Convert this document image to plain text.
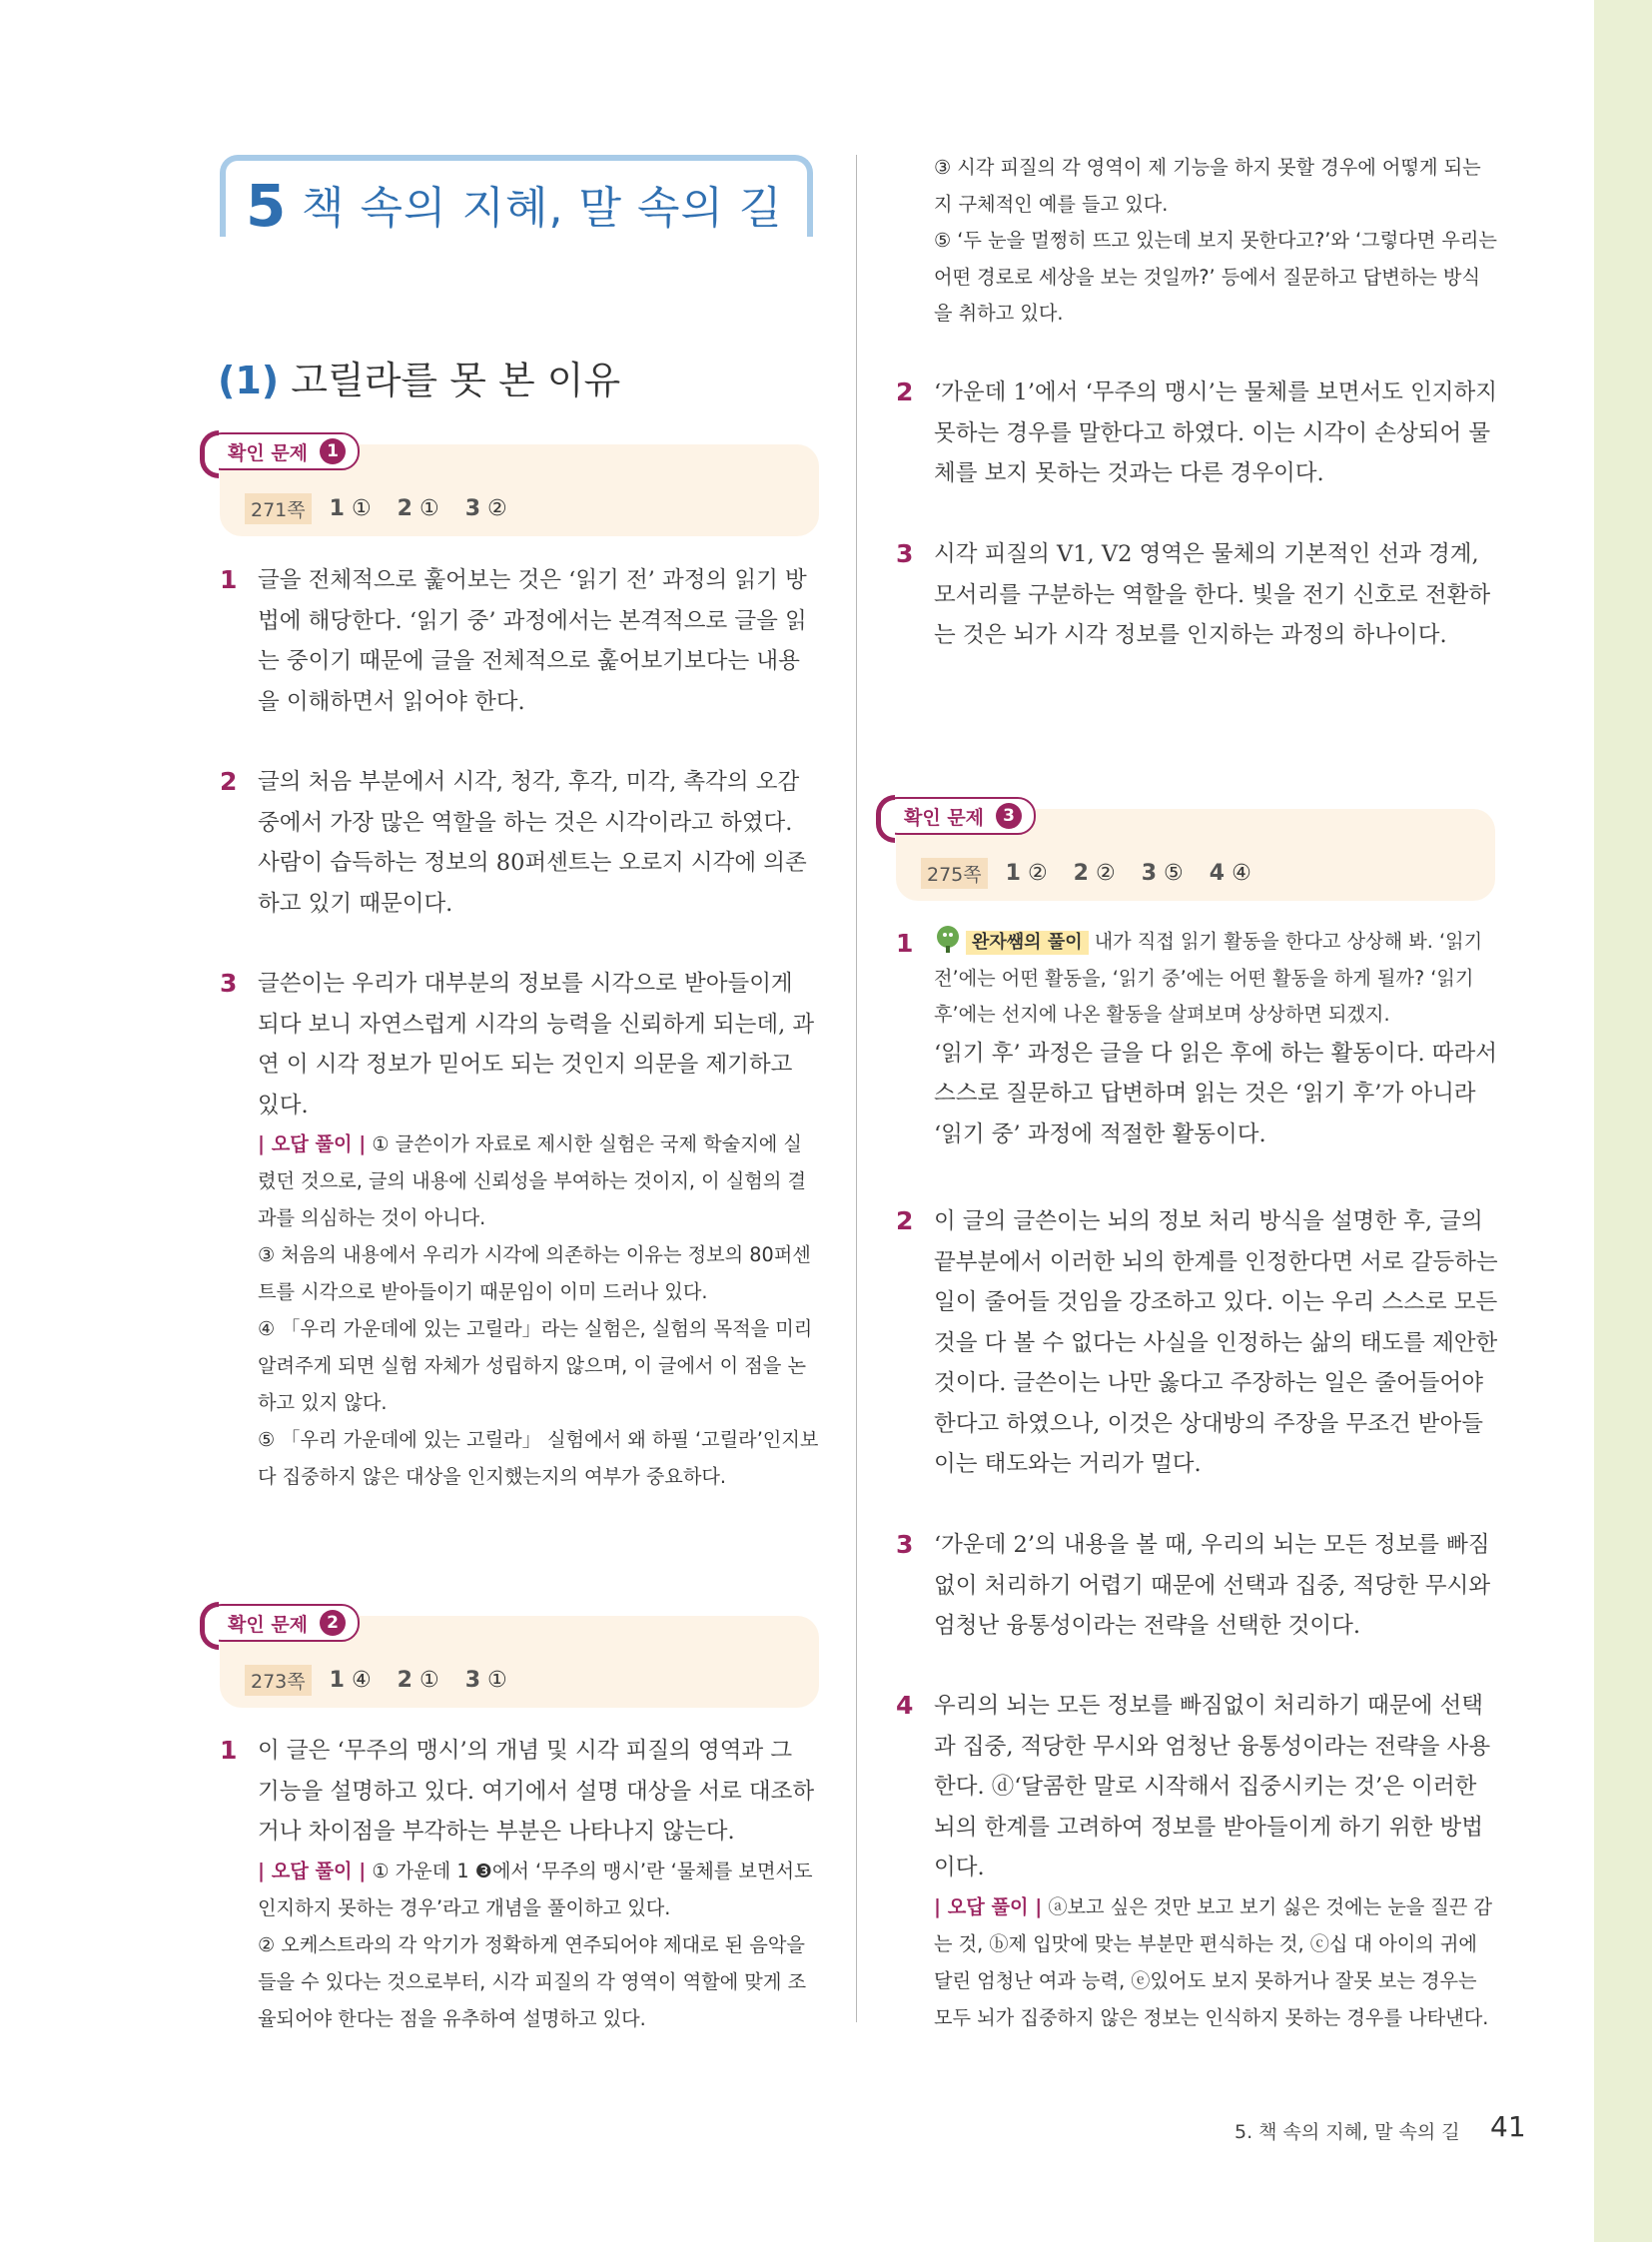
5 책 속의 지혜, 말 속의 길
(1) 고릴라를 못 본 이유
확인 문제	1
271쪽 1 ① 2 ① 3 ②
1 글을 전체적으로 훑어보는 것은 ‘읽기 전’ 과정의 읽기 방법에 해당한다. ‘읽기 중’ 과정에서는 본격적으로 글을 읽는 중이기 때문에 글을 전체적으로 훑어보기보다는 내용을 이해하면서 읽어야 한다.
2 글의 처음 부분에서 시각, 청각, 후각, 미각, 촉각의 오감 중에서 가장 많은 역할을 하는 것은 시각이라고 하였다. 사람이 습득하는 정보의 80퍼센트는 오로지 시각에 의존하고 있기 때문이다.
3 글쓴이는 우리가 대부분의 정보를 시각으로 받아들이게 되다 보니 자연스럽게 시각의 능력을 신뢰하게 되는데, 과연 이 시각 정보가 믿어도 되는 것인지 의문을 제기하고 있다.
| 오답 풀이 | ① 글쓴이가 자료로 제시한 실험은 국제 학술지에 실렸던 것으로, 글의 내용에 신뢰성을 부여하는 것이지, 이 실험의 결과를 의심하는 것이 아니다.
③ 처음의 내용에서 우리가 시각에 의존하는 이유는 정보의 80퍼센트를 시각으로 받아들이기 때문임이 이미 드러나 있다.
④ 「우리 가운데에 있는 고릴라」라는 실험은, 실험의 목적을 미리 알려주게 되면 실험 자체가 성립하지 않으며, 이 글에서 이 점을 논하고 있지 않다.
⑤ 「우리 가운데에 있는 고릴라」 실험에서 왜 하필 ‘고릴라’인지보다 집중하지 않은 대상을 인지했는지의 여부가 중요하다.
확인 문제	2
273쪽 1 ④ 2 ① 3 ①
1 이 글은 ‘무주의 맹시’의 개념 및 시각 피질의 영역과 그 기능을 설명하고 있다. 여기에서 설명 대상을 서로 대조하거나 차이점을 부각하는 부분은 나타나지 않는다.
| 오답 풀이 | ① 가운데 1 ❸에서 ‘무주의 맹시’란 ‘물체를 보면서도 인지하지 못하는 경우’라고 개념을 풀이하고 있다.
② 오케스트라의 각 악기가 정확하게 연주되어야 제대로 된 음악을 들을 수 있다는 것으로부터, 시각 피질의 각 영역이 역할에 맞게 조율되어야 한다는 점을 유추하여 설명하고 있다.
③ 시각 피질의 각 영역이 제 기능을 하지 못할 경우에 어떻게 되는지 구체적인 예를 들고 있다.
⑤ ‘두 눈을 멀쩡히 뜨고 있는데 보지 못한다고?’와 ‘그렇다면 우리는 어떤 경로로 세상을 보는 것일까?’ 등에서 질문하고 답변하는 방식을 취하고 있다.
2 ‘가운데 1’에서 ‘무주의 맹시’는 물체를 보면서도 인지하지 못하는 경우를 말한다고 하였다. 이는 시각이 손상되어 물체를 보지 못하는 것과는 다른 경우이다.
3 시각 피질의 V1, V2 영역은 물체의 기본적인 선과 경계, 모서리를 구분하는 역할을 한다. 빛을 전기 신호로 전환하는 것은 뇌가 시각 정보를 인지하는 과정의 하나이다.
확인 문제	3
275쪽 1 ② 2 ② 3 ⑤ 4 ④
1	완자쌤의 풀이 내가 직접 읽기 활동을 한다고 상상해 봐. ‘읽기 전’에는 어떤 활동을, ‘읽기 중’에는 어떤 활동을 하게 될까? ‘읽기 후’에는 선지에 나온 활동을 살펴보며 상상하면 되겠지.
‘읽기 후’ 과정은 글을 다 읽은 후에 하는 활동이다. 따라서 스스로 질문하고 답변하며 읽는 것은 ‘읽기 후’가 아니라 ‘읽기 중’ 과정에 적절한 활동이다.
2 이 글의 글쓴이는 뇌의 정보 처리 방식을 설명한 후, 글의 끝부분에서 이러한 뇌의 한계를 인정한다면 서로 갈등하는 일이 줄어들 것임을 강조하고 있다. 이는 우리 스스로 모든 것을 다 볼 수 없다는 사실을 인정하는 삶의 태도를 제안한 것이다. 글쓴이는 나만 옳다고 주장하는 일은 줄어들어야 한다고 하였으나, 이것은 상대방의 주장을 무조건 받아들이는 태도와는 거리가 멀다.
3 ‘가운데 2’의 내용을 볼 때, 우리의 뇌는 모든 정보를 빠짐없이 처리하기 어렵기 때문에 선택과 집중, 적당한 무시와 엄청난 융통성이라는 전략을 선택한 것이다.
4 우리의 뇌는 모든 정보를 빠짐없이 처리하기 때문에 선택과 집중, 적당한 무시와 엄청난 융통성이라는 전략을 사용한다. ⓓ‘달콤한 말로 시작해서 집중시키는 것’은 이러한 뇌의 한계를 고려하여 정보를 받아들이게 하기 위한 방법이다.
| 오답 풀이 | ⓐ보고 싶은 것만 보고 보기 싫은 것에는 눈을 질끈 감는 것, ⓑ제 입맛에 맞는 부분만 편식하는 것, ⓒ십 대 아이의 귀에 달린 엄청난 여과 능력, ⓔ있어도 보지 못하거나 잘못 보는 경우는 모두 뇌가 집중하지 않은 정보는 인식하지 못하는 경우를 나타낸다.
5. 책 속의 지혜, 말 속의 길 41
